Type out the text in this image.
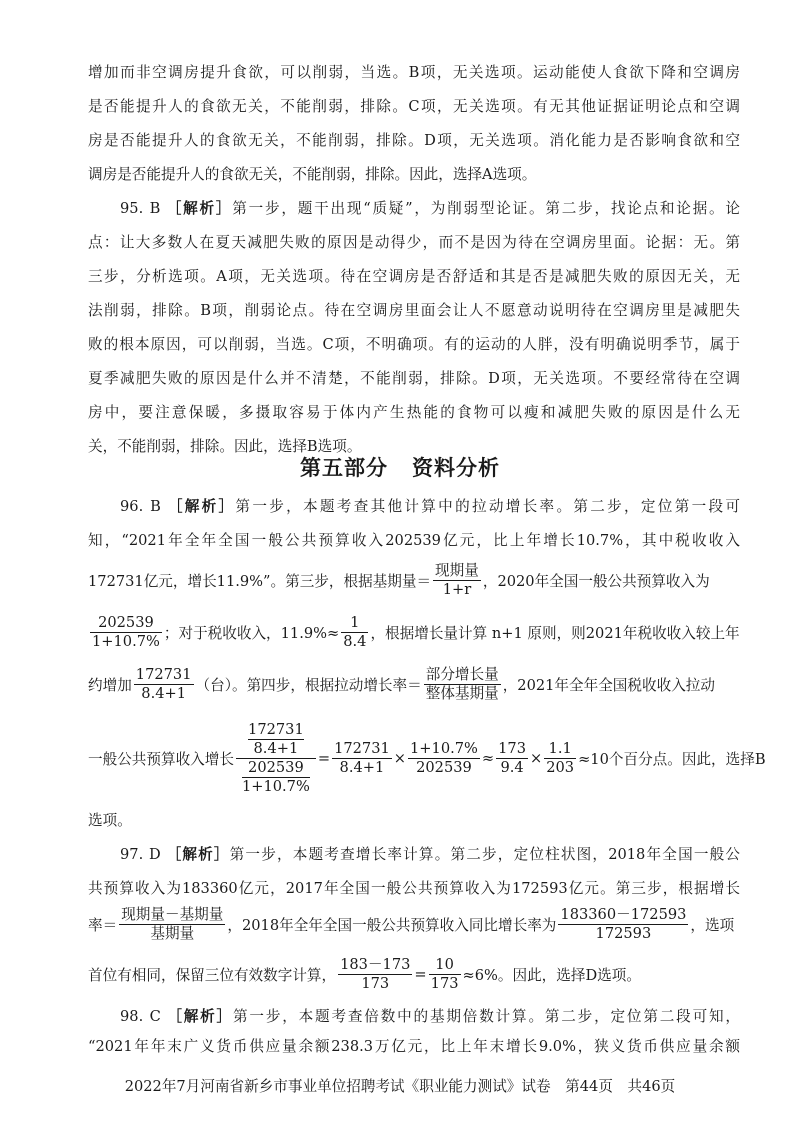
增加而非空调房提升食欲，可以削弱，当选。B项，无关选项。运动能使人食欲下降和空调房
是否能提升人的食欲无关，不能削弱，排除。C项，无关选项。有无其他证据证明论点和空调
房是否能提升人的食欲无关，不能削弱，排除。D项，无关选项。消化能力是否影响食欲和空
调房是否能提升人的食欲无关，不能削弱，排除。因此，选择A选项。
95. B ［解析］第一步，题干出现“质疑”，为削弱型论证。第二步，找论点和论据。论
点：让大多数人在夏天减肥失败的原因是动得少，而不是因为待在空调房里面。论据：无。第
三步，分析选项。A项，无关选项。待在空调房是否舒适和其是否是减肥失败的原因无关，无
法削弱，排除。B项，削弱论点。待在空调房里面会让人不愿意动说明待在空调房里是减肥失
败的根本原因，可以削弱，当选。C项，不明确项。有的运动的人胖，没有明确说明季节，属于
夏季减肥失败的原因是什么并不清楚，不能削弱，排除。D项，无关选项。不要经常待在空调
房中，要注意保暖，多摄取容易于体内产生热能的食物可以瘦和减肥失败的原因是什么无
关，不能削弱，排除。因此，选择B选项。
第五部分 资料分析
96. B ［解析］第一步，本题考查其他计算中的拉动增长率。第二步，定位第一段可
知，“2021年全年全国一般公共预算收入202539亿元，比上年增长10.7%，其中税收收入
172731亿元，增长11.9%”。第三步，根据基期量＝ $\frac{\text{现期量}}{1+r}$ ，2020年全国一般公共预算收入为
$\frac{202539}{1+10.7\%}$ ；对于税收收入，$11.9\%\approx \frac{1}{8.4}$ ，根据增长量计算 n+1 原则，则2021年税收收入较上年
约增加 $\frac{172731}{8.4+1}$ （台）。第四步，根据拉动增长率＝ $\frac{\text{部分增长量}}{\text{整体基期量}}$ ，2021年全年全国税收收入拉动
一般公共预算收入增长 $\frac{\frac{172731}{8.4+1}}{\frac{202539}{1+10.7\%}} = \frac{172731}{8.4+1} \times \frac{1+10.7\%}{202539} \approx \frac{173}{9.4} \times \frac{1.1}{203} \approx 10$个百分点。因此，选择B
选项。
97. D ［解析］第一步，本题考查增长率计算。第二步，定位柱状图，2018年全国一般公
共预算收入为183360亿元，2017年全国一般公共预算收入为172593亿元。第三步，根据增长
率＝ $\frac{\text{现期量－基期量}}{\text{基期量}}$ ，2018年全年全国一般公共预算收入同比增长率为 $\frac{183360-172593}{172593}$ ，选项
首位有相同，保留三位有效数字计算， $\frac{183-173}{173} = \frac{10}{173} \approx 6\%$。因此，选择D选项。
98. C ［解析］第一步，本题考查倍数中的基期倍数计算。第二步，定位第二段可知，
“2021年年末广义货币供应量余额238.3万亿元，比上年末增长9.0%，狭义货币供应量余额
2022年7月河南省新乡市事业单位招聘考试《职业能力测试》试卷　第44页　共46页
